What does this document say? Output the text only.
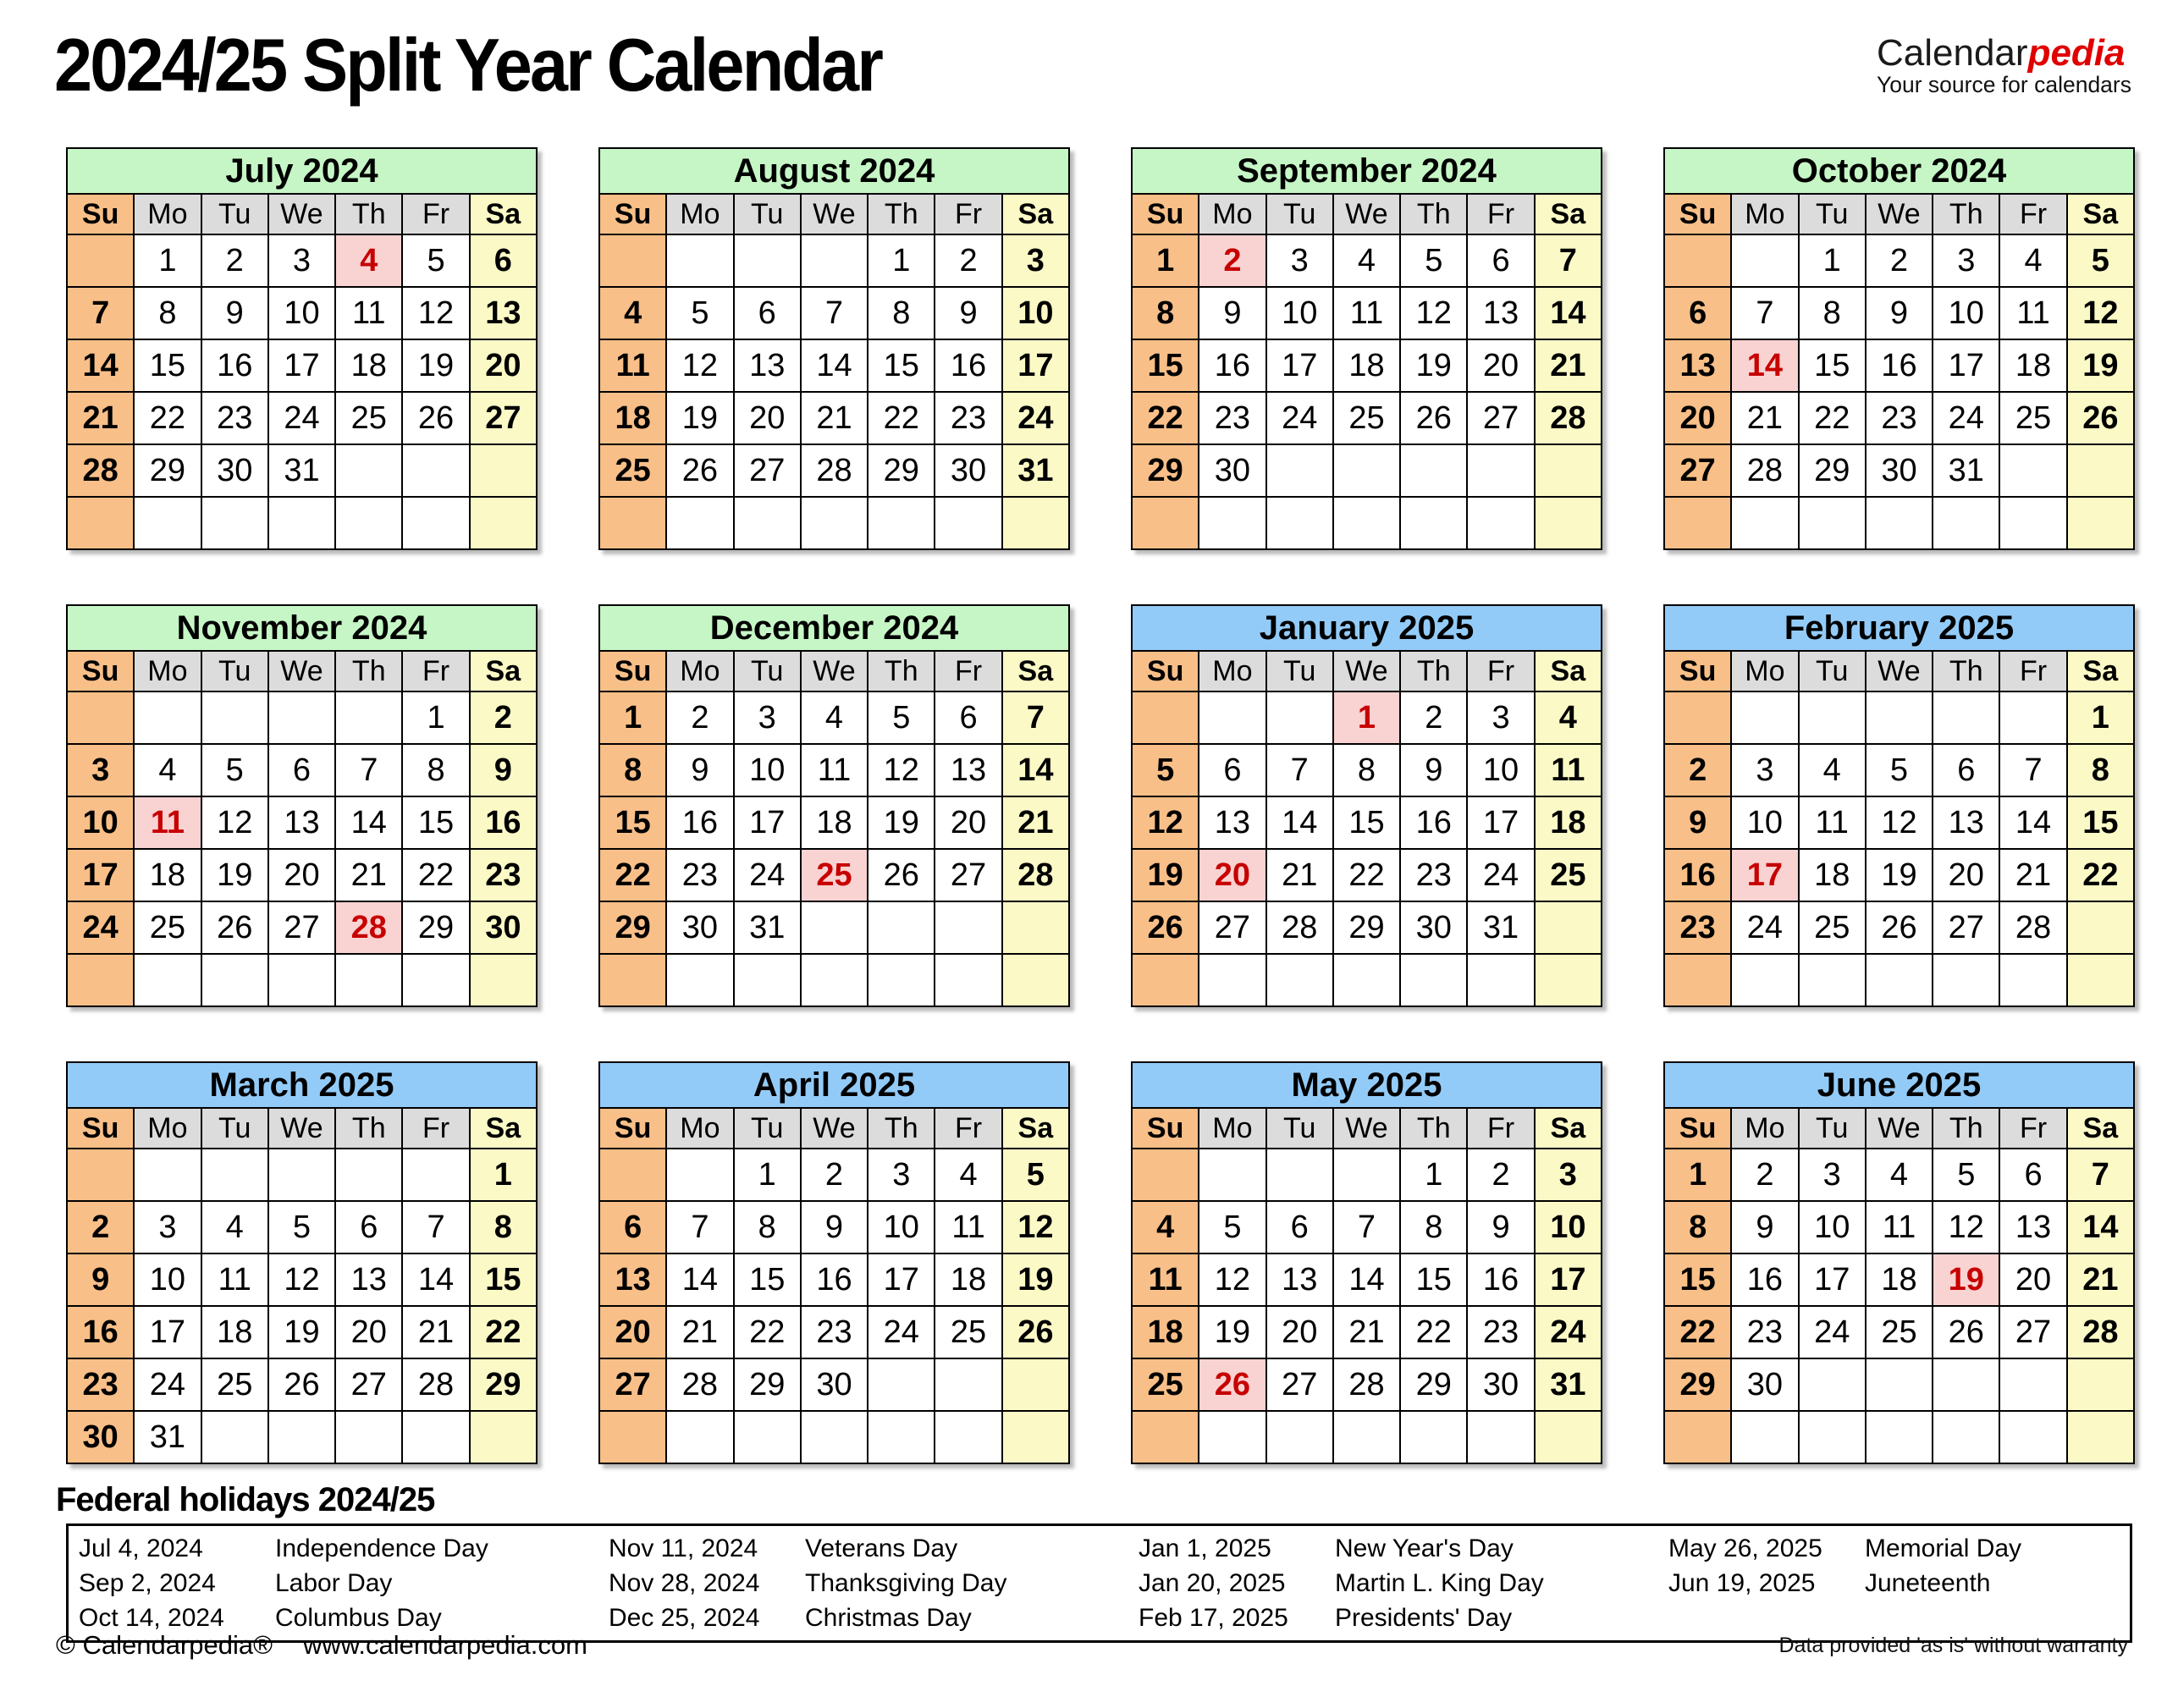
2024/25 Split Year Calendar	Calendarpedia
Your source for calendars
July 2024						
Su	Mo	Tu	We	Th	Fr	Sa
	1	2	3	4	5	6
7	8	9	10	11	12	13
14	15	16	17	18	19	20
21	22	23	24	25	26	27
28	29	30	31			

August 2024						
Su	Mo	Tu	We	Th	Fr	Sa
				1	2	3
4	5	6	7	8	9	10
11	12	13	14	15	16	17
18	19	20	21	22	23	24
25	26	27	28	29	30	31

September 2024						
Su	Mo	Tu	We	Th	Fr	Sa
1	2	3	4	5	6	7
8	9	10	11	12	13	14
15	16	17	18	19	20	21
22	23	24	25	26	27	28
29	30					

October 2024						
Su	Mo	Tu	We	Th	Fr	Sa
		1	2	3	4	5
6	7	8	9	10	11	12
13	14	15	16	17	18	19
20	21	22	23	24	25	26
27	28	29	30	31		

November 2024						
Su	Mo	Tu	We	Th	Fr	Sa
					1	2
3	4	5	6	7	8	9
10	11	12	13	14	15	16
17	18	19	20	21	22	23
24	25	26	27	28	29	30

December 2024						
Su	Mo	Tu	We	Th	Fr	Sa
1	2	3	4	5	6	7
8	9	10	11	12	13	14
15	16	17	18	19	20	21
22	23	24	25	26	27	28
29	30	31				

January 2025						
Su	Mo	Tu	We	Th	Fr	Sa
			1	2	3	4
5	6	7	8	9	10	11
12	13	14	15	16	17	18
19	20	21	22	23	24	25
26	27	28	29	30	31	

February 2025						
Su	Mo	Tu	We	Th	Fr	Sa
						1
2	3	4	5	6	7	8
9	10	11	12	13	14	15
16	17	18	19	20	21	22
23	24	25	26	27	28	

March 2025						
Su	Mo	Tu	We	Th	Fr	Sa
						1
2	3	4	5	6	7	8
9	10	11	12	13	14	15
16	17	18	19	20	21	22
23	24	25	26	27	28	29
30	31					
April 2025						
Su	Mo	Tu	We	Th	Fr	Sa
		1	2	3	4	5
6	7	8	9	10	11	12
13	14	15	16	17	18	19
20	21	22	23	24	25	26
27	28	29	30			

May 2025						
Su	Mo	Tu	We	Th	Fr	Sa
				1	2	3
4	5	6	7	8	9	10
11	12	13	14	15	16	17
18	19	20	21	22	23	24
25	26	27	28	29	30	31

June 2025						
Su	Mo	Tu	We	Th	Fr	Sa
1	2	3	4	5	6	7
8	9	10	11	12	13	14
15	16	17	18	19	20	21
22	23	24	25	26	27	28
29	30					

Federal holidays 2024/25
Jul 4, 2024	Independence Day
Sep 2, 2024	Labor Day
Oct 14, 2024	Columbus Day
Nov 11, 2024	Veterans Day
Nov 28, 2024	Thanksgiving Day
Dec 25, 2024	Christmas Day
Jan 1, 2025	New Year's Day
Jan 20, 2025	Martin L. King Day
Feb 17, 2025	Presidents' Day
May 26, 2025	Memorial Day
Jun 19, 2025	Juneteenth
© Calendarpedia® www.calendarpedia.com	Data provided 'as is' without warranty
